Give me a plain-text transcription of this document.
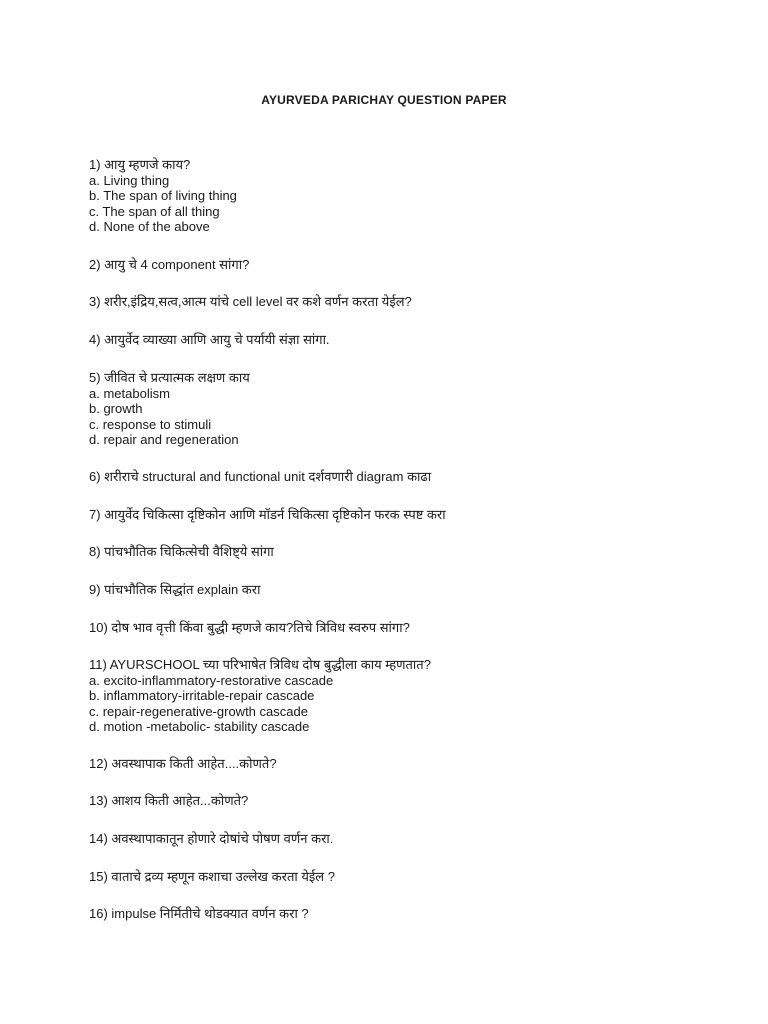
AYURVEDA PARICHAY QUESTION PAPER
1) आयु म्हणजे काय?
a. Living thing
b. The span of living thing
c. The span of all thing
d. None of the above
2) आयु चे 4 component सांगा?
3) शरीर,इंद्रिय,सत्व,आत्म यांचे cell level वर कशे वर्णन करता येईल?
4) आयुर्वेद व्याख्या आणि आयु चे पर्यायी संज्ञा सांगा.
5) जीवित चे प्रत्यात्मक लक्षण काय
a. metabolism
b. growth
c. response to stimuli
d. repair and regeneration
6) शरीराचे structural and functional unit दर्शवणारी diagram काढा
7) आयुर्वेद चिकित्सा दृष्टिकोन आणि मॉडर्न चिकित्सा दृष्टिकोन फरक स्पष्ट करा
8) पांचभौतिक चिकित्सेची वैशिष्ट्ये सांगा
9) पांचभौतिक सिद्धांत explain करा
10) दोष भाव वृत्ती किंवा बुद्धी म्हणजे काय?तिचे त्रिविध स्वरुप सांगा?
11) AYURSCHOOL च्या परिभाषेत त्रिविध दोष बुद्धीला काय म्हणतात?
a. excito-inflammatory-restorative cascade
b. inflammatory-irritable-repair cascade
c. repair-regenerative-growth cascade
d. motion -metabolic- stability cascade
12) अवस्थापाक किती आहेत....कोणते?
13) आशय किती आहेत...कोणते?
14) अवस्थापाकातून होणारे दोषांचे पोषण वर्णन करा.
15) वाताचे द्रव्य म्हणून कशाचा उल्लेख करता येईल ?
16) impulse निर्मितीचे थोडक्यात वर्णन करा ?
